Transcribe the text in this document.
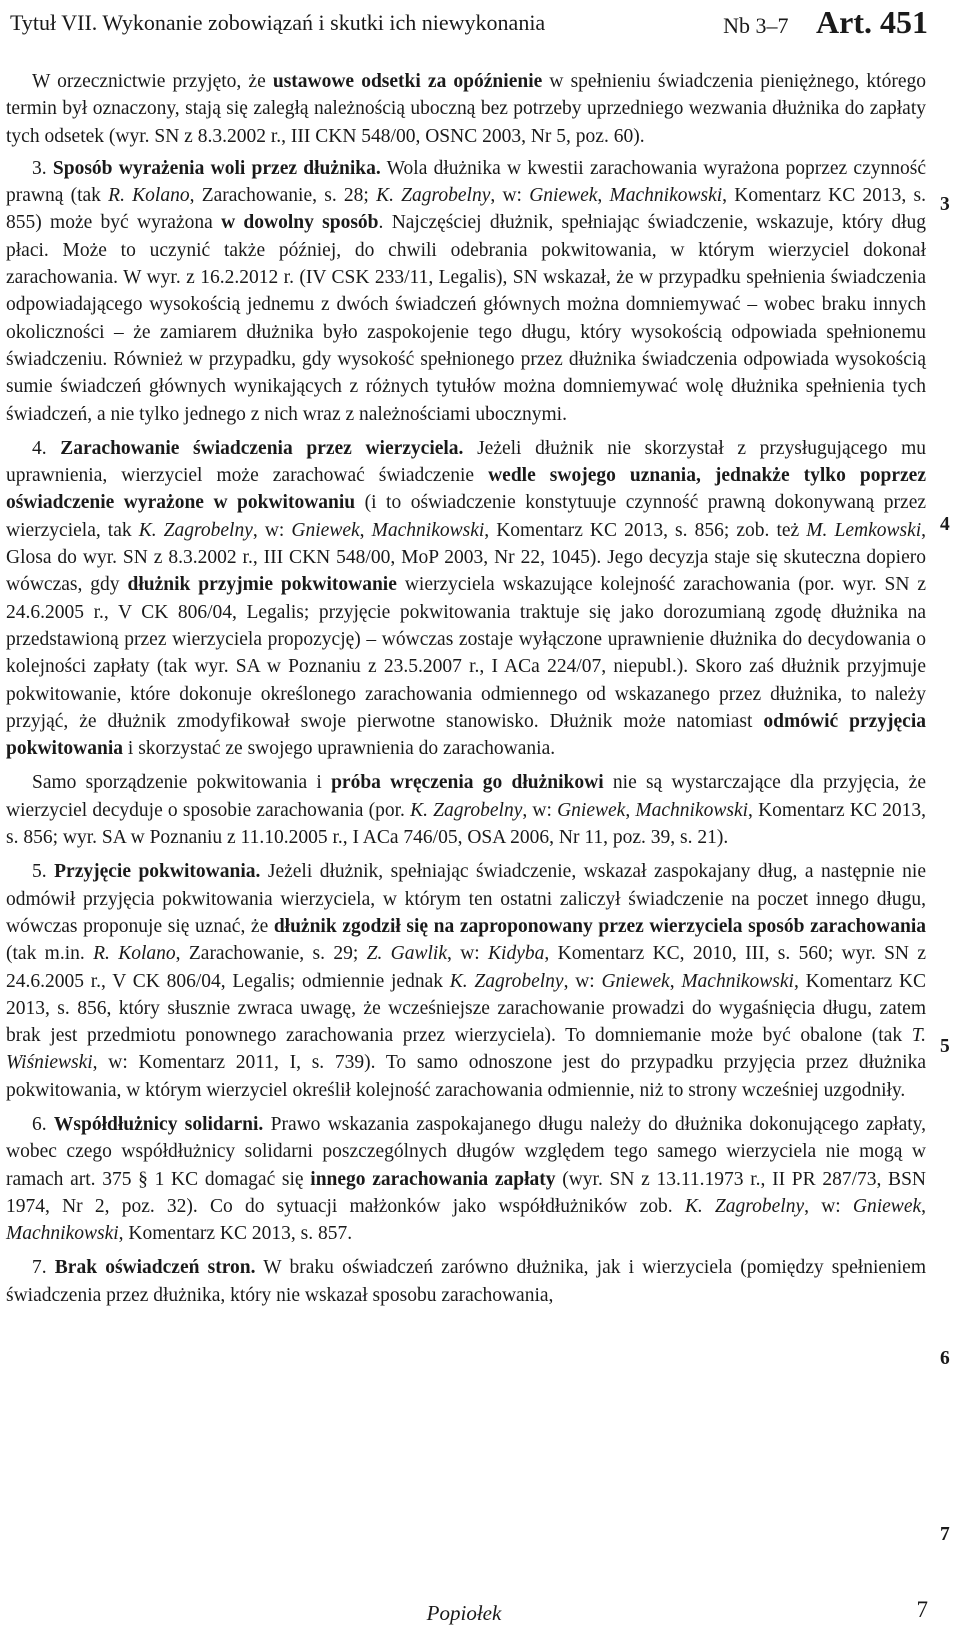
Tytuł VII. Wykonanie zobowiązań i skutki ich niewykonania	Nb 3–7 Art. 451

W orzecznictwie przyjęto, że ustawowe odsetki za opóźnienie w spełnieniu świadczenia pieniężnego, którego termin był oznaczony, stają się zaległą należnością uboczną bez potrzeby uprzedniego wezwania dłużnika do zapłaty tych odsetek (wyr. SN z 8.3.2002 r., III CKN 548/00, OSNC 2003, Nr 5, poz. 60).

3. Sposób wyrażenia woli przez dłużnika. Wola dłużnika w kwestii zarachowania wyrażona poprzez czynność prawną (tak R. Kolano, Zarachowanie, s. 28; K. Zagrobelny, w: Gniewek, Machnikowski, Komentarz KC 2013, s. 855) może być wyrażona w dowolny sposób. Najczęściej dłużnik, spełniając świadczenie, wskazuje, który dług płaci. Może to uczynić także później, do chwili odebrania pokwitowania, w którym wierzyciel dokonał zarachowania. W wyr. z 16.2.2012 r. (IV CSK 233/11, Legalis), SN wskazał, że w przypadku spełnienia świadczenia odpowiadającego wysokością jednemu z dwóch świadczeń głównych można domniemywać – wobec braku innych okoliczności – że zamiarem dłużnika było zaspokojenie tego długu, który wysokością odpowiada spełnionemu świadczeniu. Również w przypadku, gdy wysokość spełnionego przez dłużnika świadczenia odpowiada wysokością sumie świadczeń głównych wynikających z różnych tytułów można domniemywać wolę dłużnika spełnienia tych świadczeń, a nie tylko jednego z nich wraz z należnościami ubocznymi.

4. Zarachowanie świadczenia przez wierzyciela. Jeżeli dłużnik nie skorzystał z przysługującego mu uprawnienia, wierzyciel może zarachować świadczenie wedle swojego uznania, jednakże tylko poprzez oświadczenie wyrażone w pokwitowaniu (i to oświadczenie konstytuuje czynność prawną dokonywaną przez wierzyciela, tak K. Zagrobelny, w: Gniewek, Machnikowski, Komentarz KC 2013, s. 856; zob. też M. Lemkowski, Glosa do wyr. SN z 8.3.2002 r., III CKN 548/00, MoP 2003, Nr 22, 1045). Jego decyzja staje się skuteczna dopiero wówczas, gdy dłużnik przyjmie pokwitowanie wierzyciela wskazujące kolejność zarachowania (por. wyr. SN z 24.6.2005 r., V CK 806/04, Legalis; przyjęcie pokwitowania traktuje się jako dorozumianą zgodę dłużnika na przedstawioną przez wierzyciela propozycję) – wówczas zostaje wyłączone uprawnienie dłużnika do decydowania o kolejności zapłaty (tak wyr. SA w Poznaniu z 23.5.2007 r., I ACa 224/07, niepubl.). Skoro zaś dłużnik przyjmuje pokwitowanie, które dokonuje określonego zarachowania odmiennego od wskazanego przez dłużnika, to należy przyjąć, że dłużnik zmodyfikował swoje pierwotne stanowisko. Dłużnik może natomiast odmówić przyjęcia pokwitowania i skorzystać ze swojego uprawnienia do zarachowania.

Samo sporządzenie pokwitowania i próba wręczenia go dłużnikowi nie są wystarczające dla przyjęcia, że wierzyciel decyduje o sposobie zarachowania (por. K. Zagrobelny, w: Gniewek, Machnikowski, Komentarz KC 2013, s. 856; wyr. SA w Poznaniu z 11.10.2005 r., I ACa 746/05, OSA 2006, Nr 11, poz. 39, s. 21).

5. Przyjęcie pokwitowania. Jeżeli dłużnik, spełniając świadczenie, wskazał zaspokajany dług, a następnie nie odmówił przyjęcia pokwitowania wierzyciela, w którym ten ostatni zaliczył świadczenie na poczet innego długu, wówczas proponuje się uznać, że dłużnik zgodził się na zaproponowany przez wierzyciela sposób zarachowania (tak m.in. R. Kolano, Zarachowanie, s. 29; Z. Gawlik, w: Kidyba, Komentarz KC, 2010, III, s. 560; wyr. SN z 24.6.2005 r., V CK 806/04, Legalis; odmiennie jednak K. Zagrobelny, w: Gniewek, Machnikowski, Komentarz KC 2013, s. 856, który słusznie zwraca uwagę, że wcześniejsze zarachowanie prowadzi do wygaśnięcia długu, zatem brak jest przedmiotu ponownego zarachowania przez wierzyciela). To domniemanie może być obalone (tak T. Wiśniewski, w: Komentarz 2011, I, s. 739). To samo odnoszone jest do przypadku przyjęcia przez dłużnika pokwitowania, w którym wierzyciel określił kolejność zarachowania odmiennie, niż to strony wcześniej uzgodniły.

6. Współdłużnicy solidarni. Prawo wskazania zaspokajanego długu należy do dłużnika dokonującego zapłaty, wobec czego współdłużnicy solidarni poszczególnych długów względem tego samego wierzyciela nie mogą w ramach art. 375 § 1 KC domagać się innego zarachowania zapłaty (wyr. SN z 13.11.1973 r., II PR 287/73, BSN 1974, Nr 2, poz. 32). Co do sytuacji małżonków jako współdłużników zob. K. Zagrobelny, w: Gniewek, Machnikowski, Komentarz KC 2013, s. 857.

7. Brak oświadczeń stron. W braku oświadczeń zarówno dłużnika, jak i wierzyciela (pomiędzy spełnieniem świadczenia przez dłużnika, który nie wskazał sposobu zarachowania,

3
4
5
6
7
Popiołek	7
